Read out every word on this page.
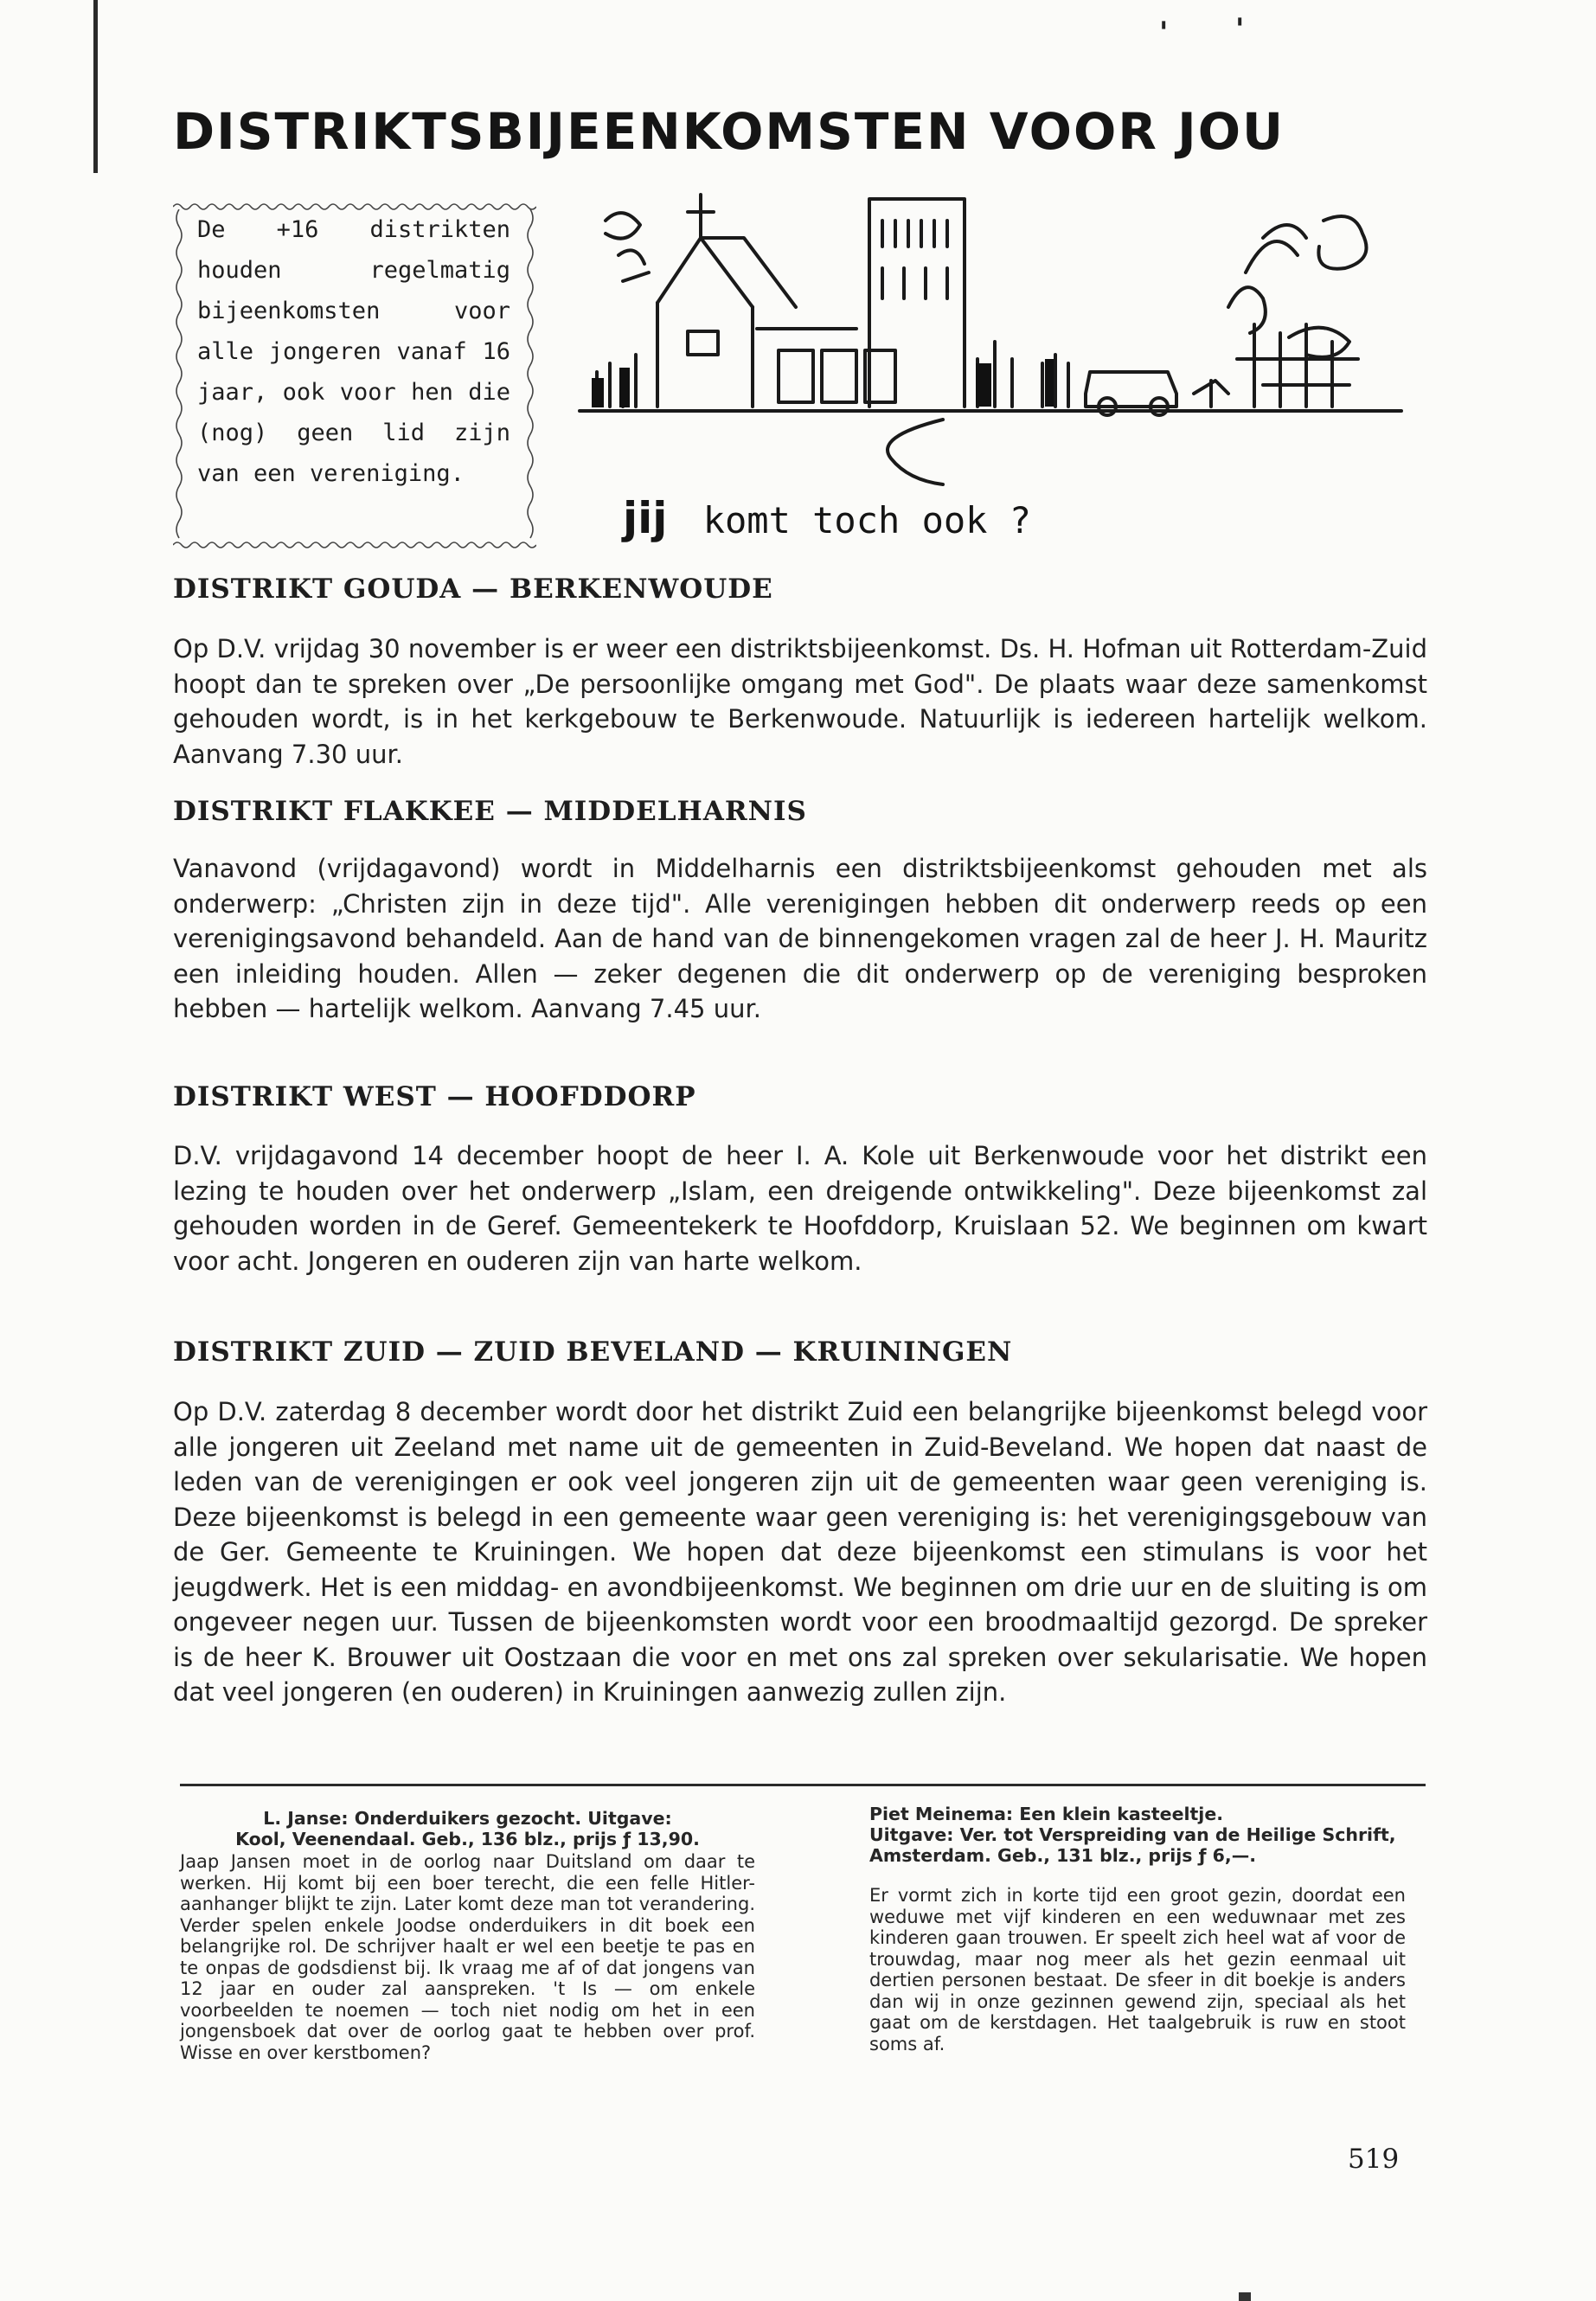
' '
DISTRIKTSBIJEENKOMSTEN VOOR JOU
De +16 distrikten houden regelmatig bijeenkomsten voor alle jongeren vanaf 16 jaar, ook voor hen die (nog) geen lid zijn van een vereniging.
jij komt toch ook ?
DISTRIKT GOUDA — BERKENWOUDE
Op D.V. vrijdag 30 november is er weer een distriktsbijeenkomst. Ds. H. Hofman uit Rotterdam-Zuid hoopt dan te spreken over „De persoonlijke omgang met God". De plaats waar deze samenkomst gehouden wordt, is in het kerkgebouw te Berkenwoude. Natuurlijk is iedereen hartelijk welkom. Aanvang 7.30 uur.
DISTRIKT FLAKKEE — MIDDELHARNIS
Vanavond (vrijdagavond) wordt in Middelharnis een distriktsbijeenkomst gehouden met als onderwerp: „Christen zijn in deze tijd". Alle verenigingen hebben dit onderwerp reeds op een verenigingsavond behandeld. Aan de hand van de binnengekomen vragen zal de heer J. H. Mauritz een inleiding houden. Allen — zeker degenen die dit onderwerp op de vereniging besproken hebben — hartelijk welkom. Aanvang 7.45 uur.
DISTRIKT WEST — HOOFDDORP
D.V. vrijdagavond 14 december hoopt de heer I. A. Kole uit Berkenwoude voor het distrikt een lezing te houden over het onderwerp „Islam, een dreigende ontwikkeling". Deze bijeenkomst zal gehouden worden in de Geref. Gemeentekerk te Hoofddorp, Kruislaan 52. We beginnen om kwart voor acht. Jongeren en ouderen zijn van harte welkom.
DISTRIKT ZUID — ZUID BEVELAND — KRUININGEN
Op D.V. zaterdag 8 december wordt door het distrikt Zuid een belangrijke bijeenkomst belegd voor alle jongeren uit Zeeland met name uit de gemeenten in Zuid-Beveland. We hopen dat naast de leden van de verenigingen er ook veel jongeren zijn uit de gemeenten waar geen vereniging is. Deze bijeenkomst is belegd in een gemeente waar geen vereniging is: het verenigingsgebouw van de Ger. Gemeente te Kruiningen. We hopen dat deze bijeenkomst een stimulans is voor het jeugdwerk. Het is een middag- en avondbijeenkomst. We beginnen om drie uur en de sluiting is om ongeveer negen uur. Tussen de bijeenkomsten wordt voor een broodmaaltijd gezorgd. De spreker is de heer K. Brouwer uit Oostzaan die voor en met ons zal spreken over sekularisatie. We hopen dat veel jongeren (en ouderen) in Kruiningen aanwezig zullen zijn.
L. Janse: Onderduikers gezocht. Uitgave:
Kool, Veenendaal. Geb., 136 blz., prijs ƒ 13,90.
Jaap Jansen moet in de oorlog naar Duitsland om daar te werken. Hij komt bij een boer terecht, die een felle Hitler-aanhanger blijkt te zijn. Later komt deze man tot verandering. Verder spelen enkele Joodse onderduikers in dit boek een belangrijke rol. De schrijver haalt er wel een beetje te pas en te onpas de godsdienst bij. Ik vraag me af of dat jongens van 12 jaar en ouder zal aanspreken. 't Is — om enkele voorbeelden te noemen — toch niet nodig om het in een jongensboek dat over de oorlog gaat te hebben over prof. Wisse en over kerstbomen?
Piet Meinema: Een klein kasteeltje.
Uitgave: Ver. tot Verspreiding van de Heilige Schrift, Amsterdam. Geb., 131 blz., prijs ƒ 6,—.
Er vormt zich in korte tijd een groot gezin, doordat een weduwe met vijf kinderen en een weduwnaar met zes kinderen gaan trouwen. Er speelt zich heel wat af voor de trouwdag, maar nog meer als het gezin eenmaal uit dertien personen bestaat. De sfeer in dit boekje is anders dan wij in onze gezinnen gewend zijn, speciaal als het gaat om de kerstdagen. Het taalgebruik is ruw en stoot soms af.
519
